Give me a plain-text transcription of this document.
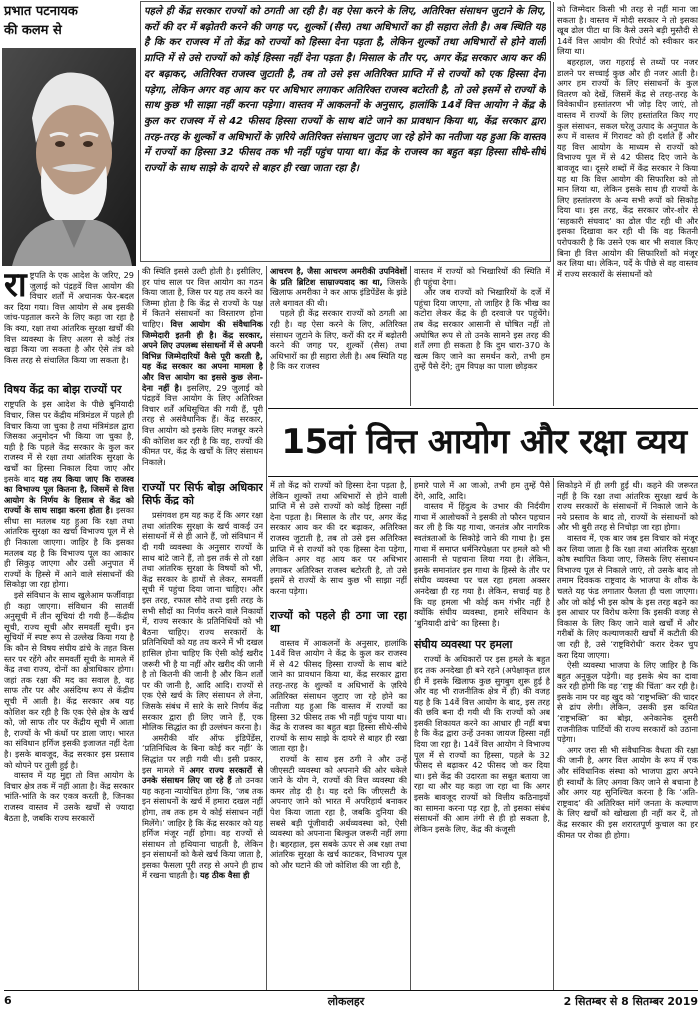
प्रभात पटनायक
की कलम से
पहले ही केंद्र सरकार राज्यों को ठगती आ रही है। वह ऐसा करने के लिए, अतिरिक्त संसाधन जुटाने के लिए, करों की दर में बढ़ोतरी करने की जगह पर, शुल्कों (सैस) तथा अधिभारों का ही सहारा लेती है। अब स्थिति यह है कि कर राजस्व में तो केंद्र को राज्यों को हिस्सा देना पड़ता है, लेकिन शुल्कों तथा अधिभारों से होने वाली प्राप्ति में से उसे राज्यों को कोई हिस्सा नहीं देना पड़ता है। मिसाल के तौर पर, अगर केंद्र सरकार आय कर की दर बढ़ाकर, अतिरिक्त राजस्व जुटाती है, तब तो उसे इस अतिरिक्त प्राप्ति में से राज्यों को एक हिस्सा देना पड़ेगा, लेकिन अगर वह आय कर पर अधिभार लगाकर अतिरिक्त राजस्व बटोरती है, तो उसे इसमें से राज्यों के साथ कुछ भी साझा नहीं करना पड़ेगा। वास्तव में आकलनों के अनुसार, हालांकि 14वें वित्त आयोग ने केंद्र के कुल कर राजस्व में से 42 फीसद हिस्सा राज्यों के साथ बांटे जाने का प्रावधान किया था, केंद्र सरकार द्वारा तरह-तरह के शुल्कों व अधिभारों के ज़रिये अतिरिक्त संसाधन जुटाए जा रहे होने का नतीजा यह हुआ कि वास्तव में राज्यों का हिस्सा 32 फीसद तक भी नहीं पहुंच पाया था। केंद्र के राजस्व का बहुत बड़ा हिस्सा सीधे-सीधे राज्यों के साथ साझे के दायरे से बाहर ही रखा जाता रहा है।
15वां वित्त आयोग और रक्षा व्यय
रा ष्ट्रपति के एक आदेश के जरिए, 29 जुलाई को पंद्रहवें वित्त आयोग की विचार शर्तों में अचानक फेर-बदल कर दिया गया। वित्त आयोग से अब इसकी जांच-पड़ताल करने के लिए कहा जा रहा है कि क्या, रक्षा तथा आंतरिक सुरक्षा खर्चों की वित्त व्यवस्था के लिए अलग से कोई तंत्र खड़ा किया जा सकता है और ऐसे तंत्र को किस तरह से संचालित किया जा सकता है।
विषय केंद्र का बोझ राज्यों पर
राष्ट्रपति के इस आदेश के पीछे बुनियादी विचार, जिस पर केंद्रीय मंत्रिमंडल में पहले ही विचार किया जा चुका है तथा मंत्रिमंडल द्वारा जिसका अनुमोदन भी किया जा चुका है, यही है कि पहले केंद्र सरकार के कुल कर राजस्व में से रक्षा तथा आंतरिक सुरक्षा के खर्चों का हिस्सा निकाल दिया जाए और इसके बाद यह तय किया जाए कि राजस्व का विभाज्य पूल कितना है, जिसमें से वित्त आयोग के निर्णय के हिसाब से केंद्र को राज्यों के साथ साझा करना होता है। इसका सीधा सा मतलब यह हुआ कि रक्षा तथा आंतरिक सुरक्षा का खर्चा विभाज्य पूल में से ही निकाला जाएगा। जाहिर है कि इसका मतलब यह है कि विभाज्य पूल का आकार ही सिकुड़ जाएगा और उसी अनुपात में राज्यों के हिस्से में आने वाले संसाधनों की सिकोड़ा जा रहा होगा।
इसे संविधान के साथ खुलेआम फर्जीवाड़ा ही कहा जाएगा। संविधान की सातवीं अनुसूची में तीन सूचियां दी गयी हैं—केंद्रीय सूची, राज्य सूची और समवर्ती सूची। इन सूचियों में स्पष्ट रूप से उल्लेख किया गया है कि कौन से विषय संघीय ढांचे के तहत किस स्तर पर रहेंगे और समवर्ती सूची के मामले में केंद्र तथा राज्य, दोनों का क्षेत्राधिकार होगा। जहां तक रक्षा की मद का सवाल है, वह साफ तौर पर और असंदिग्ध रूप से केंद्रीय सूची में आती है। केंद्र सरकार अब यह कोशिश कर रही है कि एक ऐसे क्षेत्र के खर्च को, जो साफ तौर पर केंद्रीय सूची में आता है, राज्यों के भी कंधों पर डाला जाए। भारत का संविधान हर्गिज इसकी इजाजत नहीं देता है। इसके बावजूद, केंद्र सरकार इस प्रस्ताव को थोपने पर तुली हुई है।
वास्तव में यह मुद्दा तो वित्त आयोग के विचार क्षेत्र तक में नहीं आता है। केंद्र सरकार भांति-भांति के कर एकत्र करती है, जिनका राजस्व वास्तव में उसके खर्चों से ज्यादा बैठता है, जबकि राज्य सरकारों
की स्थिति इससे उल्टी होती है। इसीलिए, हर पांच साल पर वित्त आयोग का गठन किया जाता है, जिस पर यह तय करने का जिम्मा होता है कि केंद्र से राज्यों के पक्ष में कितने संसाधनों का विस्तारण होना चाहिए। वित्त आयोग की संवैधानिक जिम्मेदारी इतनी ही है। केंद्र सरकार, अपने लिए उपलब्ध संसाधनों में से अपनी विभिन्न जिम्मेदारियों कैसे पूरी करती है, यह केंद्र सरकार का अपना मामला है और वित्त आयोग का इससे कुछ लेना-देना नहीं है। इसलिए, 29 जुलाई को पंद्रहवें वित्त आयोग के लिए अतिरिक्त विचार शर्तें अधिसूचित की गयी हैं, पूरी तरह से असंवैधानिक हैं। केंद्र सरकार, वित्त आयोग को इसके लिए मजबूर करने की कोशिश कर रही है कि वह, राज्यों की कीमत पर, केंद्र के खर्चों के लिए संसाधन निकाले।
राज्यों पर सिर्फ बोझ अधिकार सिर्फ केंद्र को
प्रसंगवश हम यह कह दें कि अगर रक्षा तथा आंतरिक सुरक्षा के खर्च वाकई उन संसाधनों में से ही आने हैं, जो संविधान में दी गयी व्यवस्था के अनुसार राज्यों के साथ बांटे जाने हैं, तो इस तर्क से तो रक्षा तथा आंतरिक सुरक्षा के विषयों को भी, केंद्र सरकार के हाथों से लेकर, समवर्ती सूची में पहुंचा दिया जाना चाहिए। और इस तरह, रफाल सौदे तथा इसी तरह के सभी सौदों का निर्णय करने वाले निकायों में, राज्य सरकार के प्रतिनिधियों को भी बैठना चाहिए। राज्य सरकारों के प्रतिनिधियों को यह तय करने में भी दखल हासिल होना चाहिए कि ऐसी कोई खरीद जरूरी भी है या नहीं और खरीद की जानी है तो कितनी की जानी है और किन शर्तों पर की जानी है, आदि आदि। राज्यों से एक ऐसे खर्च के लिए संसाधन ले लेना, जिसके संबंध में सारे के सारे निर्णय केंद्र सरकार द्वारा ही लिए जाने हैं, एक मौलिक सिद्धांत का ही उल्लंघन करना है।
अमरीकी वॉर ऑफ इंडिपेंडेंस, ‘प्रतिनिधित्व के बिना कोई कर नहीं’ के सिद्धांत पर लड़ी गयी थी। इसी प्रकार, इस मामले में अगर राज्य सरकारों से उनके संसाधन लिए जा रहे हैं तो उनका यह कहना न्यायोचित होगा कि, ‘जब तक इन संसाधनों के खर्च में हमारा दखल नहीं होगा, तब तक हम ये कोई संसाधन नहीं मिलेंगे।’ जाहिर है कि केंद्र सरकार को यह हर्गिज मंजूर नहीं होगा। वह राज्यों से संसाधन तो हथियाना चाहती है, लेकिन इन संसाधनों को कैसे खर्च किया जाता है, इसका फैसला पूरी तरह से अपने ही हाथ में रखना चाहती है। यह ठीक वैसा ही
आचरण है, जैसा आचरण अमरीकी उपनिवेशों के प्रति ब्रिटिश साम्राज्यवाद का था, जिसके खिलाफ अमरीका ने कर आफ इंडिपेंडेंस के झंडे तले बगावत की थी।
पहले ही केंद्र सरकार राज्यों को ठगती आ रही है। वह ऐसा करने के लिए, अतिरिक्त संसाधन जुटाने के लिए, करों की दर में बढ़ोतरी करने की जगह पर, शुल्कों (सैस) तथा अधिभारों का ही सहारा लेती है। अब स्थिति यह है कि कर राजस्व
वास्तव में राज्यों को भिखारियों की स्थिति में ही पहुंचा देगा।
और जब राज्यों को भिखारियों के दर्जे में पहुंचा दिया जाएगा, तो जाहिर है कि भीख का कटोरा लेकर केंद्र के ही दरवाजे पर पहुंचेंगे। तब केंद्र सरकार आसानी से घोषित नहीं तो अघोषित रूप से तो उनके सामने इस तरह की शर्तें लगा ही सकता है कि दुम धारा-370 के खत्म किए जाने का समर्थन करो, तभी हम तुम्हें पैसे देंगे; तुम विपक्ष का पाला छोड़कर
को जिम्मेदार किसी भी तरह से नहीं माना जा सकता है। वास्तव में मोदी सरकार ने तो इसका खूब ढोल पीटा था कि कैसे उसने बड़ी मुस्तैदी से 14वें वित्त आयोग की रिपोर्ट को स्वीकार कर लिया था।
बहरहाल, जरा गहराई से तथ्यों पर नजर डालने पर सच्चाई कुछ और ही नजर आती है। अगर हम राज्यों के लिए संसाधनों के कुल वितरण को देखें, जिसमें केंद्र से तरह-तरह के विवेकाधीन हस्तांतरण भी जोड़ दिए जाएं, तो वास्तव में राज्यों के लिए हस्तांतरित किए गए कुल संसाधन, सकल घरेलू उत्पाद के अनुपात के रूप में वास्तव में गिरावट को ही दर्शाते हैं और यह वित्त आयोग के माध्यम से राज्यों को विभाज्य पूल में से 42 फीसद दिए जाने के बावजूद था। दूसरे शब्दों में केंद्र सरकार ने किया यह था कि वित्त आयोग की सिफारिश को तो मान लिया था, लेकिन इसके साथ ही राज्यों के लिए हस्तांतरण के अन्य सभी रूपों को सिकोड़ दिया था। इस तरह, केंद्र सरकार जोर-शोर से ‘सहकारी संघवाद’ का ढोल पीट रही थी और इसका दिखावा कर रही थी कि वह कितनी परोपकारी है कि उसने एक बार भी सवाल किए बिना ही वित्त आयोग की सिफारिशों को मंजूर कर लिया था। लेकिन, पर्दे के पीछे से वह वास्तव में राज्य सरकारों के संसाधनों को
में तो केंद्र को राज्यों को हिस्सा देना पड़ता है, लेकिन शुल्कों तथा अधिभारों से होने वाली प्राप्ति में से उसे राज्यों को कोई हिस्सा नहीं देना पड़ता है। मिसाल के तौर पर, अगर केंद्र सरकार आय कर की दर बढ़ाकर, अतिरिक्त राजस्व जुटाती है, तब तो उसे इस अतिरिक्त प्राप्ति में से राज्यों को एक हिस्सा देना पड़ेगा, लेकिन अगर वह आय कर पर अधिभार लगाकर अतिरिक्त राजस्व बटोरती है, तो उसे इसमें से राज्यों के साथ कुछ भी साझा नहीं करना पड़ेगा।
राज्यों को पहले ही ठगा जा रहा था
वास्तव में आकलनों के अनुसार, हालांकि 14वें वित्त आयोग ने केंद्र के कुल कर राजस्व में से 42 फीसद हिस्सा राज्यों के साथ बांटे जाने का प्रावधान किया था, केंद्र सरकार द्वारा तरह-तरह के शुल्कों व अधिभारों के ज़रिये अतिरिक्त संसाधन जुटाए जा रहे होने का नतीजा यह हुआ कि वास्तव में राज्यों का हिस्सा 32 फीसद तक भी नहीं पहुंच पाया था। केंद्र के राजस्व का बहुत बड़ा हिस्सा सीधे-सीधे राज्यों के साथ साझे के दायरे से बाहर ही रखा जाता रहा है।
राज्यों के साथ इस ठगी ने और उन्हें जीएसटी व्यवस्था को अपनाने की ओर धकेले जाने के योग ने, राज्यों की वित्त व्यवस्था की कमर तोड़ दी है। यह दरो कि जीएसटी के अपनाए जाने को भारत में अपरिहार्य बनाकर पेश किया जाता रहा है, जबकि दुनिया की सबसे बड़ी पूंजीवादी अर्थव्यवस्था को, ऐसी व्यवस्था को अपनाना बिल्कुल जरूरी नहीं लगा है। बहरहाल, इस सबके ऊपर से अब रक्षा तथा आंतरिक सुरक्षा के खर्च काटकर, विभाज्य पूल को और घटाने की जो कोशिश की जा रही है,
हमारे पाले में आ जाओ, तभी हम तुम्हें पैसे देंगे, आदि, आदि।
वास्तव में हिंदुत्व के उभार की निर्दयीग गाथा में आलोचकों ने इसकी तो फौरन पहचान कर ली है कि यह गाथा, जनतंत्र और नागरिक स्वतंत्रताओं के सिकोड़े जाने की गाथा है। इस गाथा में समाप्त धर्मनिरपेक्षता पर हमले को भी आसानी से पहचाना लिया गया है। लेकिन, इसके समानांतर इस गाथा के हिस्से के तौर पर संघीय व्यवस्था पर चल रहा हमला अक्सर अनदेखा ही रह गया है। लेकिन, सचाई यह है कि यह हमला भी कोई कम गंभीर नहीं है क्योंकि संघीय व्यवस्था, हमारे संविधान के ‘बुनियादी ढांचे’ का हिस्सा है।
संघीय व्यवस्था पर हमला
राज्यों के अधिकारों पर इस हमले के बहुत हद तक अनदेखा ही बने रहने (अपेक्षाकृत हाल ही में इसके खिलाफ कुछ सुगबुग शुरू हुई है और वह भी राजनीतिक क्षेत्र में ही) की वजह यह है कि 14वें वित्त आयोग के बाद, इस तरह की छवि बना दी गयी थी कि राज्यों को अब इसकी शिकायत करने का आधार ही नहीं बचा है कि केंद्र द्वारा उन्हें उनका जायज हिस्सा नहीं दिया जा रहा है। 14वें वित्त आयोग ने विभाज्य पूल में से राज्यों का हिस्सा, पहले के 32 फीसद से बढ़ाकर 42 फीसद जो कर दिया था। इसे केंद्र की उदारता का सबूत बताया जा रहा था और यह कहा जा रहा था कि अगर इसके बावजूद राज्यों को वित्तीय कठिनाइयों का सामना करना पड़ रहा है, तो इसका संबंध संसाधनों की आम तंगी से ही हो सकता है, लेकिन इसके लिए, केंद्र की कंजूसी
सिकोड़ने में ही लगी हुई थी। कहने की जरूरत नहीं है कि रक्षा तथा आंतरिक सुरक्षा खर्च के राज्य सरकारों के संसाधनों में निकाले जाने के नये प्रस्ताव के बाद तो, राज्यों के संसाधनों को और भी बुरी तरह से निचोड़ा जा रहा होगा।
वास्तव में, एक बार जब इस विचार को मंजूर कर लिया जाता है कि रक्षा तथा आंतरिक सुरक्षा कोष स्थापित किया जाए, जिसके लिए संसाधन विभाज्य पूल से निकाले जाएं, तो उसके बाद तो तमाम दिवकक राष्ट्रवाद के भाजपा के शौक के चलते यह फंड लगातार फैलता ही चला जाएगा। और जो कोई भी इस कोष के इस तरह बढ़ने का इस आधार पर विरोध करेगा कि इसकी वजह से विकास के लिए किए जाने वाले खर्चों में और गरीबों के लिए कल्याणकारी खर्चों में कटौती की जा रही है, उसे ‘राष्ट्रविरोधी’ करार देकर चुप करा दिया जाएगा।
ऐसी व्यवस्था भाजपा के लिए जाहिर है कि बहुत अनुकूल पड़ेगी। वह इसके श्रेय का दावा कर रही होगी कि वह ‘राष्ट्र की चिंता’ कर रही है। इसके नाम पर वह खुद को ‘राष्ट्रभक्ति’ की चादर से ढांप लेगी। लेकिन, उसकी इस कथित ‘राष्ट्रभक्ति’ का बोझ, अनेकानेक दूसरी राजनीतिक पार्टियों की राज्य सरकारों को उठाना पड़ेगा।
अगर जरा सी भी संवैधानिक वैधता की रक्षा की जानी है, अगर वित्त आयोग के रूप में एक और संविधानिक संस्था को भाजपा द्वारा अपने ही स्वार्थों के लिए अगवा किए जाने से बचाना है और अगर यह सुनिश्चित करना है कि ‘अति-राष्ट्रवाद’ की अतिरिक्त मांगें जनता के कल्याण के लिए खर्चों को खोखला ही नहीं कर दें, तो केंद्र सरकार की इस शरारतपूर्ण कुचाल का हर कीमत पर रोका ही होगा।
6	लोकलहर	2 सितम्बर से 8 सितम्बर 2019
